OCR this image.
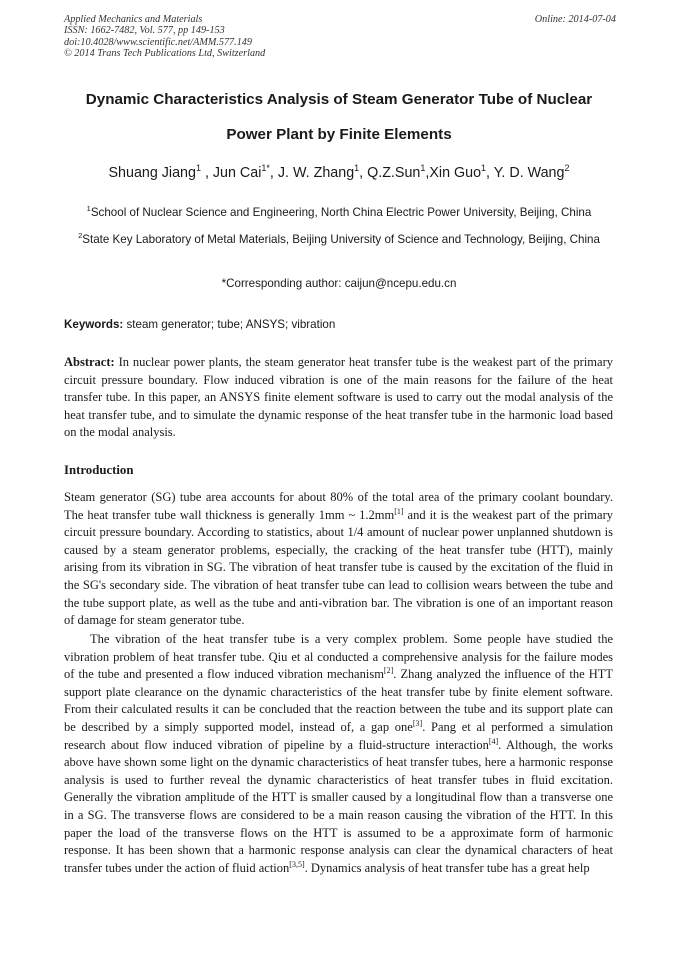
Applied Mechanics and Materials
ISSN: 1662-7482, Vol. 577, pp 149-153
doi:10.4028/www.scientific.net/AMM.577.149
© 2014 Trans Tech Publications Ltd, Switzerland
Online: 2014-07-04
Dynamic Characteristics Analysis of Steam Generator Tube of Nuclear
Power Plant by Finite Elements
Shuang Jiang$^1$ , Jun Cai$^{1*}$, J. W. Zhang$^1$, Q.Z.Sun$^1$,Xin Guo$^1$, Y. D. Wang$^2$
$^1$School of Nuclear Science and Engineering, North China Electric Power University, Beijing, China
$^2$State Key Laboratory of Metal Materials, Beijing University of Science and Technology, Beijing, China
*Corresponding author: caijun@ncepu.edu.cn
Keywords: steam generator; tube; ANSYS; vibration
Abstract: In nuclear power plants, the steam generator heat transfer tube is the weakest part of the primary circuit pressure boundary. Flow induced vibration is one of the main reasons for the failure of the heat transfer tube. In this paper, an ANSYS finite element software is used to carry out the modal analysis of the heat transfer tube, and to simulate the dynamic response of the heat transfer tube in the harmonic load based on the modal analysis.
Introduction
Steam generator (SG) tube area accounts for about 80% of the total area of the primary coolant boundary. The heat transfer tube wall thickness is generally 1mm ~ 1.2mm[1] and it is the weakest part of the primary circuit pressure boundary. According to statistics, about 1/4 amount of nuclear power unplanned shutdown is caused by a steam generator problems, especially, the cracking of the heat transfer tube (HTT), mainly arising from its vibration in SG. The vibration of heat transfer tube is caused by the excitation of the fluid in the SG's secondary side. The vibration of heat transfer tube can lead to collision wears between the tube and the tube support plate, as well as the tube and anti-vibration bar. The vibration is one of an important reason of damage for steam generator tube.
The vibration of the heat transfer tube is a very complex problem. Some people have studied the vibration problem of heat transfer tube. Qiu et al conducted a comprehensive analysis for the failure modes of the tube and presented a flow induced vibration mechanism[2]. Zhang analyzed the influence of the HTT support plate clearance on the dynamic characteristics of the heat transfer tube by finite element software. From their calculated results it can be concluded that the reaction between the tube and its support plate can be described by a simply supported model, instead of, a gap one[3]. Pang et al performed a simulation research about flow induced vibration of pipeline by a fluid-structure interaction[4]. Although, the works above have shown some light on the dynamic characteristics of heat transfer tubes, here a harmonic response analysis is used to further reveal the dynamic characteristics of heat transfer tubes in fluid excitation. Generally the vibration amplitude of the HTT is smaller caused by a longitudinal flow than a transverse one in a SG. The transverse flows are considered to be a main reason causing the vibration of the HTT. In this paper the load of the transverse flows on the HTT is assumed to be a approximate form of harmonic response. It has been shown that a harmonic response analysis can clear the dynamical characters of heat transfer tubes under the action of fluid action[3,5]. Dynamics analysis of heat transfer tube has a great help
